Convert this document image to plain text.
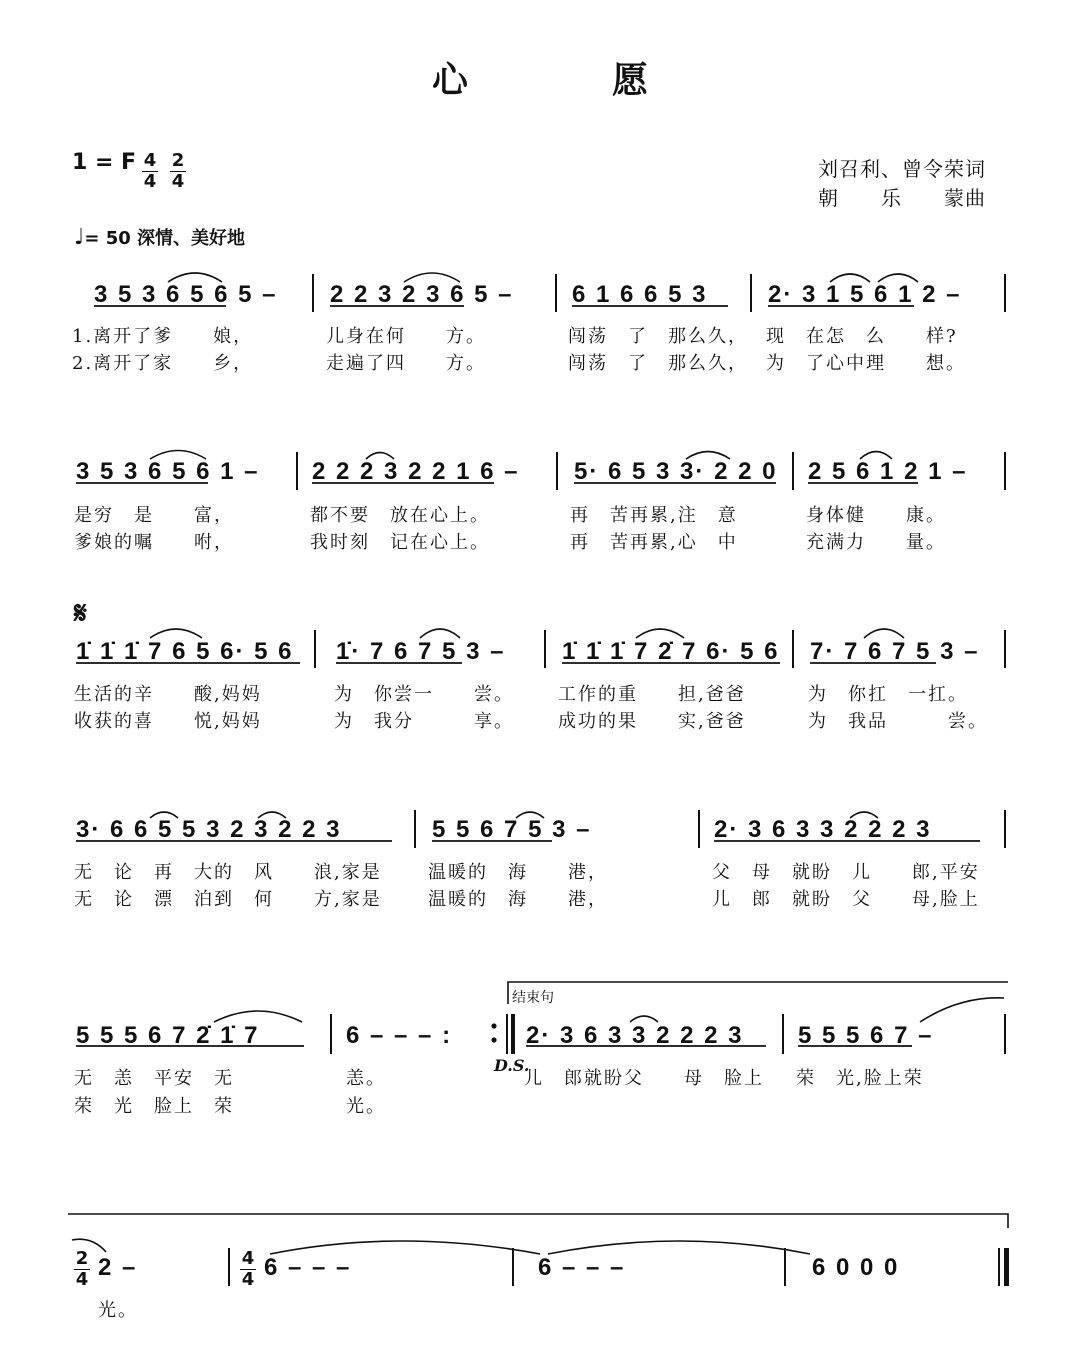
心	愿
1 = F 4
4
2
4
刘召利、曾令荣词
朝　　乐　　蒙曲
♩= 50 深情、美好地
3 5 3 6 5 6 5 – 2 2 3 2 3 6 5 – 6 1 6 6 5 3	2· 3 1 5 6 1 2 –
1.离开了爹　　娘，	儿身在何　　方。	闯荡　了　那么久， 现　在怎　么　　样?
2.离开了家　　乡，	走遍了四　　方。	闯荡　了　那么久， 为　了心中理　　想。
3 5 3 6 5 6 1 – 2 2 2 3 2 2 1 6 – 5· 6 5 3 3· 2 2 0 2 5 6 1 2 1 –
是穷　是　　富，	都不要　放在心上。	再　苦再累,注　意	身体健　　康。
爹娘的嘱　　咐，	我时刻　记在心上。	再　苦再累,心　中	充满力　　量。
𝄋
1̇ 1̇ 1̇ 7 6 5 6· 5 6 1̇· 7 6 7 5 3 – 1̇ 1̇ 1̇ 7 2̇ 7 6· 5 6 7· 7 6 7 5 3 –
生活的辛　　酸,妈妈	为　你尝一　　尝。 工作的重　　担,爸爸	为　你扛　一扛。
收获的喜　　悦,妈妈	为　我分　　　享。 成功的果　　实,爸爸	为　我品　　　尝。
3· 6 6 5 5 3 2 3 2 2 3	5 5 6 7 5 3 –	2· 3 6 3 3 2 2 2 3
无　论　再　大的　风　　浪,家是	温暖的　海　　港，	父　母　就盼　儿　　郎,平安
无　论　漂　泊到　何　　方,家是	温暖的　海　　港，	儿　郎　就盼　父　　母,脸上
结束句
5 5 5 6 7 2̇ 1̇ 7	6 – – – :	2· 3 6 3 3 2 2 2 3 5 5 5 6 7 –
无　恙　平安　无	恙。
D.S.
儿　郎就盼父　　母　脸上 荣　光,脸上荣
荣　光　脸上　荣	光。
2
4 2 –	4
4 6 – – –	6 – – –	6 0 0 0
光。
